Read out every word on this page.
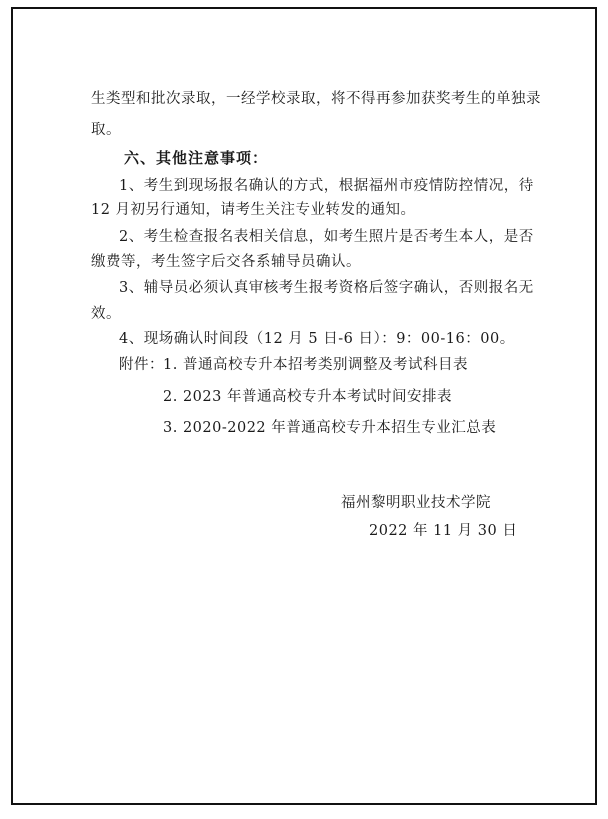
生类型和批次录取，一经学校录取，将不得再参加获奖考生的单独录
取。
六、其他注意事项：
1、考生到现场报名确认的方式，根据福州市疫情防控情况，待
12 月初另行通知，请考生关注专业转发的通知。
2、考生检查报名表相关信息，如考生照片是否考生本人，是否
缴费等，考生签字后交各系辅导员确认。
3、辅导员必须认真审核考生报考资格后签字确认，否则报名无
效。
4、现场确认时间段（12 月 5 日-6 日）：9：00-16：00。
附件： 1. 普通高校专升本招考类别调整及考试科目表
2. 2023 年普通高校专升本考试时间安排表
3. 2020-2022 年普通高校专升本招生专业汇总表
福州黎明职业技术学院
2022 年 11 月 30 日
